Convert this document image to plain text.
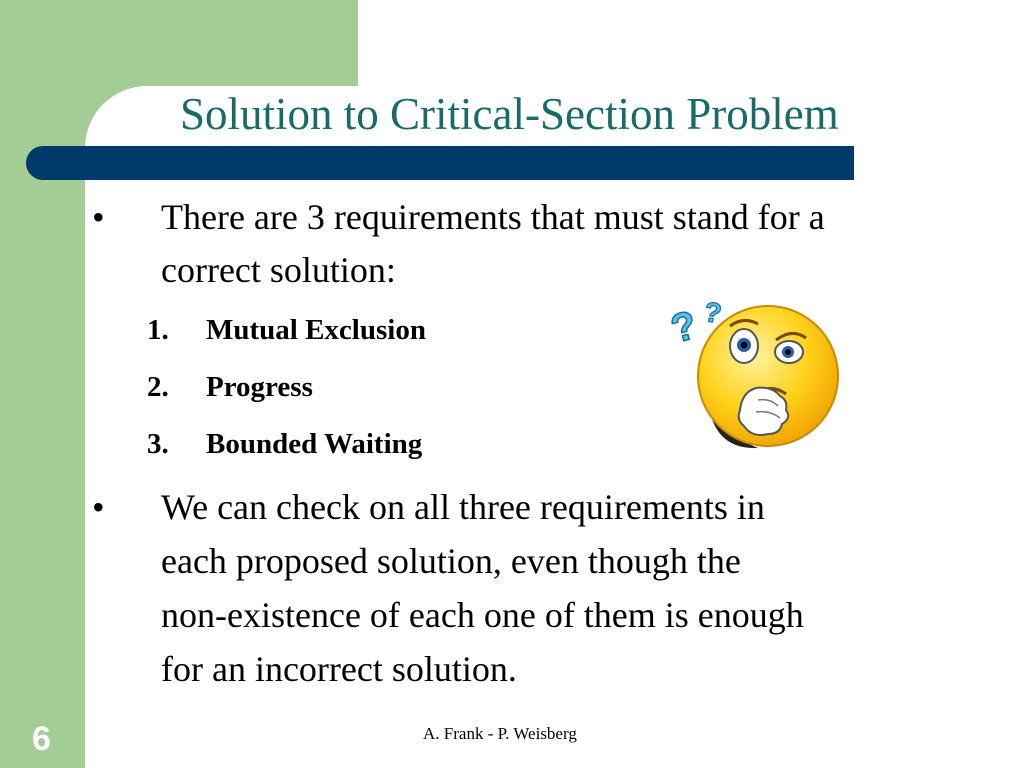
Solution to Critical-Section Problem
• There are 3 requirements that must stand for a
correct solution:
1. Mutual Exclusion
2. Progress
3. Bounded Waiting
• We can check on all three requirements in
each proposed solution, even though the
non-existence of each one of them is enough
for an incorrect solution.
? ?
6	A. Frank - P. Weisberg
